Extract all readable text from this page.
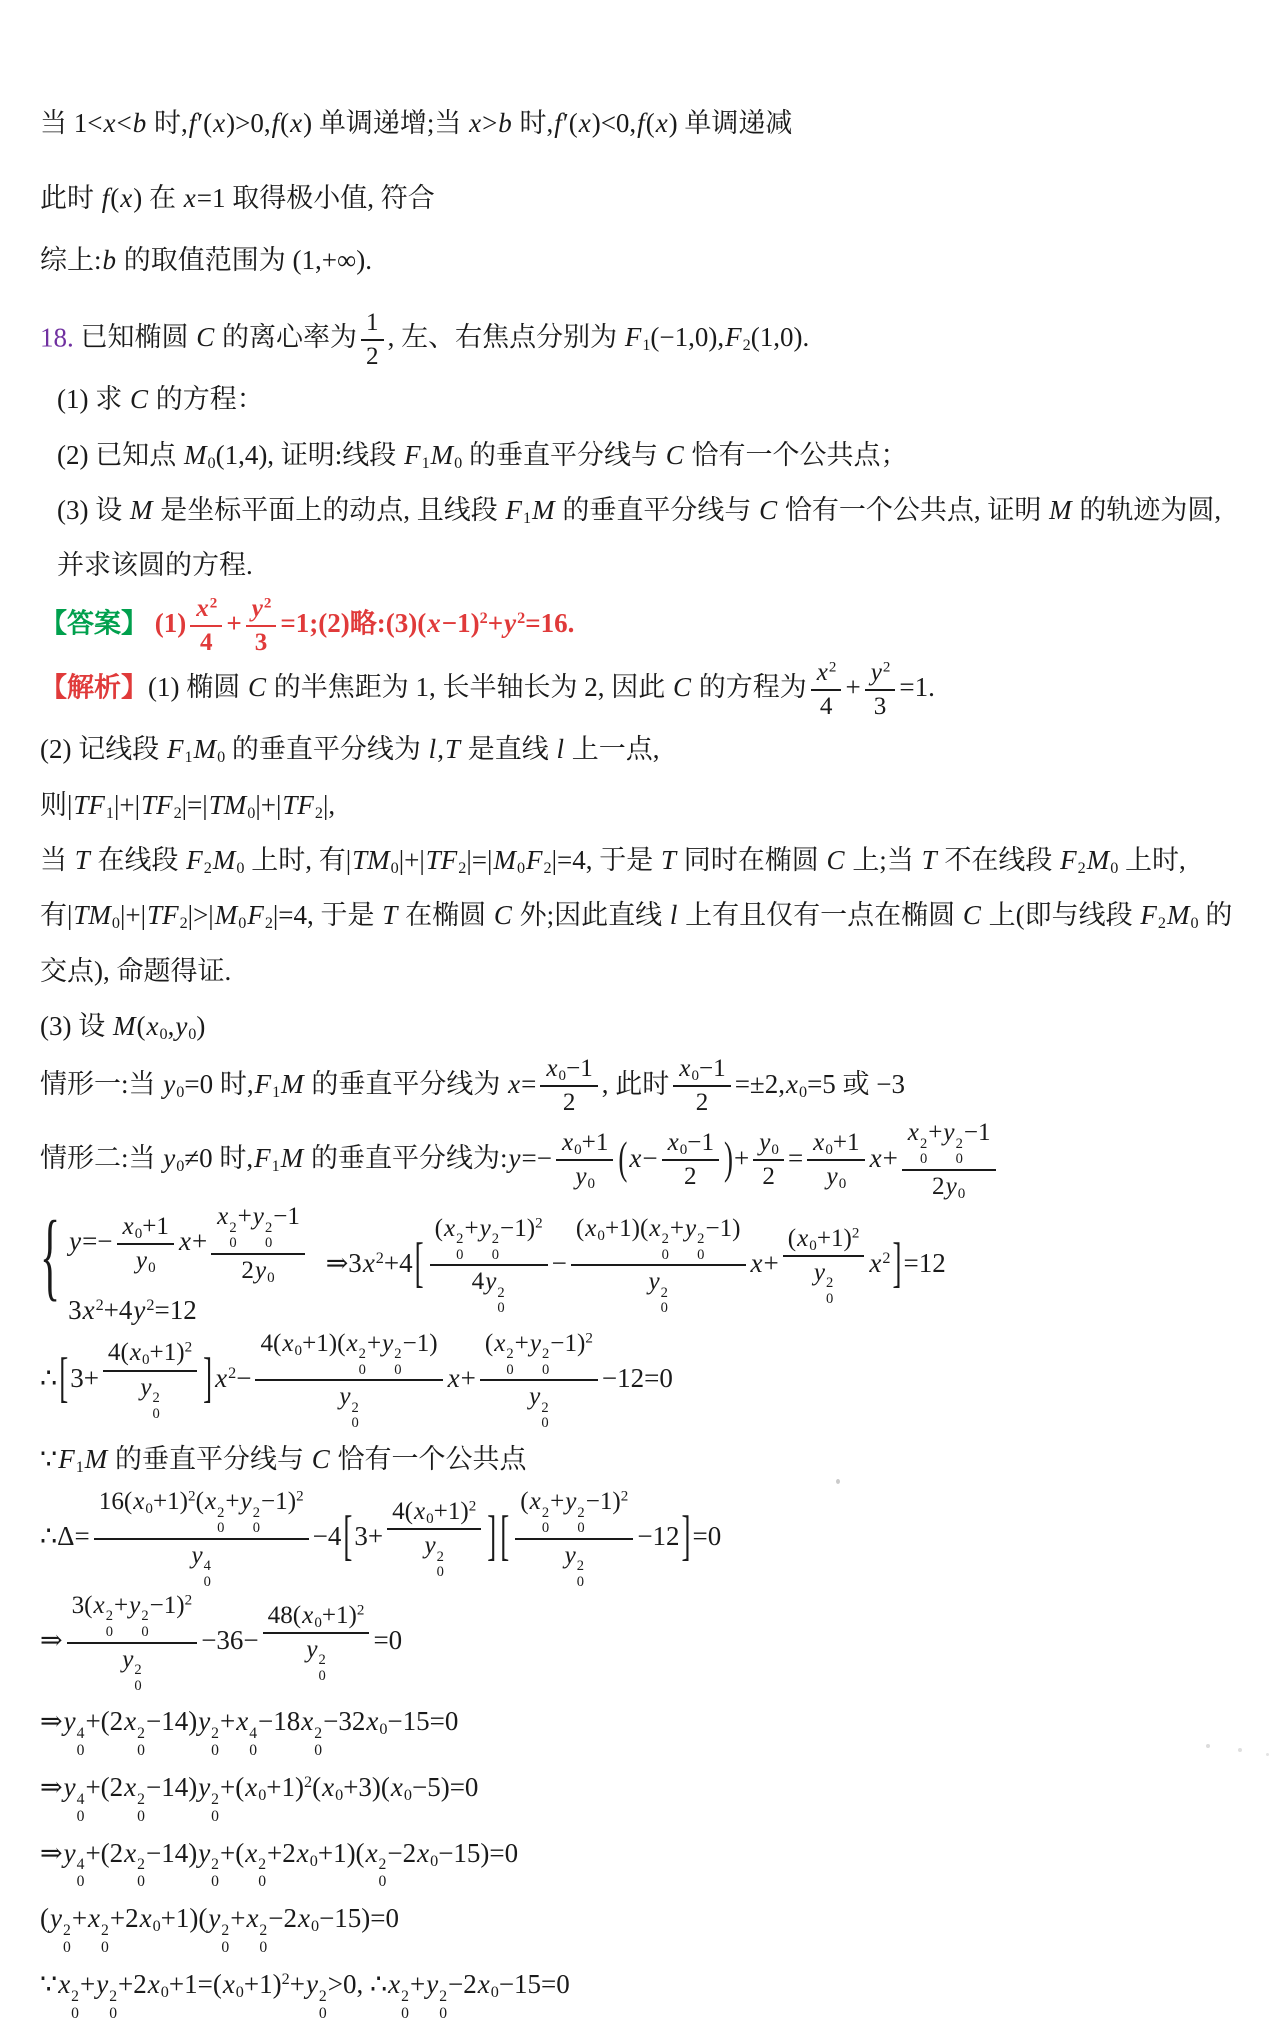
当 1<x<b 时,f′(x)>0,f(x) 单调递增;当 x>b 时,f′(x)<0,f(x) 单调递减
此时 f(x) 在 x=1 取得极小值, 符合
综上:b 的取值范围为 (1,+∞).
18. 已知椭圆 C 的离心率为 $\frac{1}{2}$ , 左、右焦点分别为 $F_1(-1,0),F_2(1,0)$.
(1) 求 C 的方程：
(2) 已知点 $M_0(1,4)$, 证明:线段 $F_1M_0$ 的垂直平分线与 C 恰有一个公共点；
(3) 设 M 是坐标平面上的动点, 且线段 $F_1M$ 的垂直平分线与 C 恰有一个公共点, 证明 M 的轨迹为圆, 并求该圆的方程.
【答案】 $(1) \frac{x^2}{4} + \frac{y^2}{3}$ =1;(2)略$:(3)(x-1)^2+y^2=16$.
【解析】(1) 椭圆 C 的半焦距为 1, 长半轴长为 2, 因此 C 的方程为 $\frac{x^2}{4} + \frac{y^2}{3} =1$.
(2) 记线段 $F_1M_0$ 的垂直平分线为 l,T 是直线 l 上一点,
则$|TF_1|+|TF_2|=|TM_0|+|TF_2|$,
当 T 在线段 $F_2M_0$ 上时, 有$|TM_0|+|TF_2|=|M_0F_2|=4$, 于是 T 同时在椭圆 C 上;当 T 不在线段 $F_2M_0$ 上时, 有$|TM_0|+|TF_2|>|M_0F_2|=4$, 于是 T 在椭圆 C 外;因此直线 l 上有且仅有一点在椭圆 C 上(即与线段 $F_2M_0$ 的交点), 命题得证.
(3) 设 $M(x_0,y_0)$
情形一:当 $y_0=0$ 时$,F_1M$ 的垂直平分线为 $x= \frac{x_0-1}{2}$ , 此时 $\frac{x_0-1}{2} =\pm 2,x_0=5$ 或 −3
情形二:当 $y_0\ne 0$ 时$,F_1M$ 的垂直平分线为:y=− $\frac{x_0+1}{y_0} (x- \frac{x_0-1}{2}$ )+ $\frac{y_0}{2} = \frac{x_0+1}{y_0} x+ x$ 2
0
+y 2
0
−1
$2y_0$
{ $y=- \frac{x_0+1}{y_0} x+ x$ 2
0
+y 2
0
−1
$2y_0$
$3x^2+4y^2=12$
$\Rightarrow 3x^2+4$[ (x 2
0
+y 2
0
−1)$^2$
4y 2
$0 - (x_0+1)(x$ 2
0
+y 2
0
−1)
y 2
0 $x+ (x_0+1)^2$
y 2
0 $x^2]=12$
∴[3+ $4(x_0+1)^2$
y 2
0 ] $x^2- 4(x_0+1)(x$ 2
0
+y 2
0
−1)
y 2
0 x+ (x 2
0
+y 2
0
−1)$^2$
y 2
0 −12=0
$\because F_1M$ 的垂直平分线与 C 恰有一个公共点
∴Δ= $16(x_0+1)^2(x$ 2
0
+y 2
0
−1)$^2$
y 4
$0 -4[3+ 4(x_0+1)^2$
y 2
0 ] [ (x 2
0
+y 2
0
−1)$^2$
y 2
0 −12]=0
⇒ 3(x 2
0
+y 2
0
−1)$^2$
y 2
$0 -36- 48(x_0+1)^2$
y 2
0 =0
⇒y 4
0
+(2x 2
0
−14)y 2
0
+x 4
0
−18x 2
0
$-32x_0-15=0$
⇒y 4
0
+(2x 2
0
−14)y 2
0
$+(x_0+1)^2(x_0+3)(x_0-5)=0$
⇒y 4
0
+(2x 2
0
−14)y 2
0
+(x 2
0
$+2x_0+1)(x$ 2
0
$-2x_0-15)=0$
(y 2
0
+x 2
0
$+2x_0+1)(y$ 2
0
+x 2
0
$-2x_0-15)=0$
∵x 2
0
+y 2
0
$+2x_0+1=(x_0+1)^2+y$ 2
0
>0, ∴x 2
0
+y 2
0
$-2x_0-15=0$
